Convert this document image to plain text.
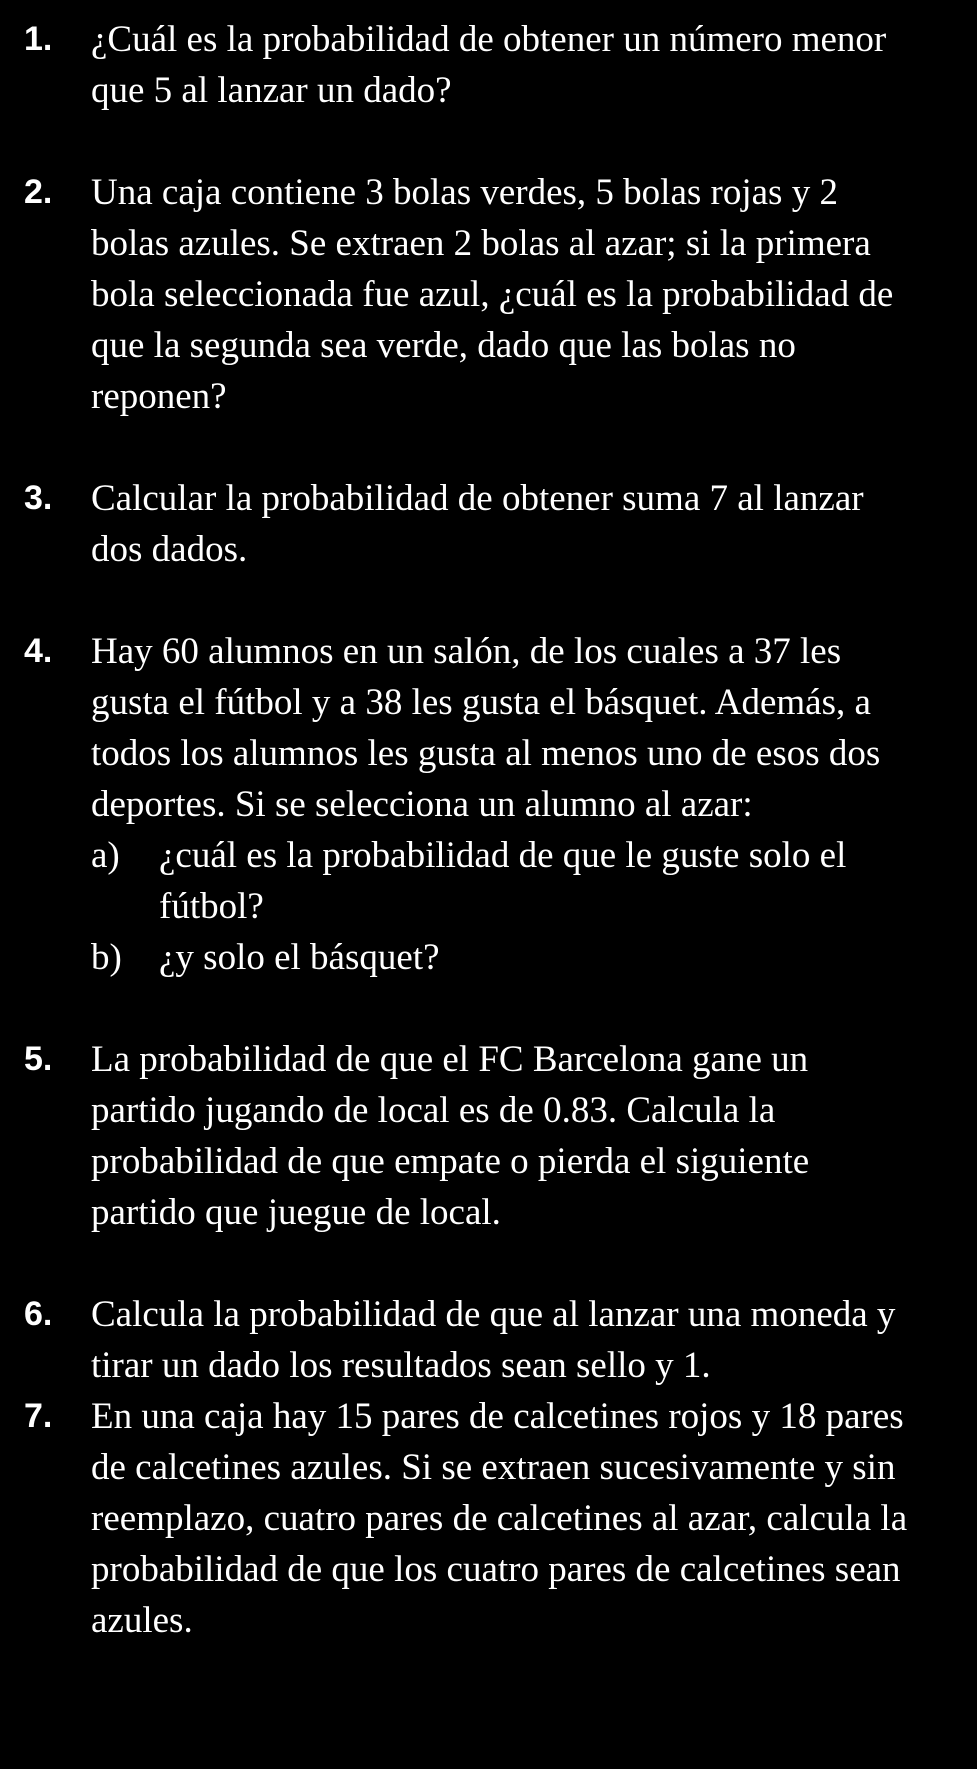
1. ¿Cuál es la probabilidad de obtener un número menor que 5 al lanzar un dado?
2. Una caja contiene 3 bolas verdes, 5 bolas rojas y 2 bolas azules. Se extraen 2 bolas al azar; si la primera bola seleccionada fue azul, ¿cuál es la probabilidad de que la segunda sea verde, dado que las bolas no reponen?
3. Calcular la probabilidad de obtener suma 7 al lanzar dos dados.
4. Hay 60 alumnos en un salón, de los cuales a 37 les gusta el fútbol y a 38 les gusta el básquet. Además, a todos los alumnos les gusta al menos uno de esos dos deportes. Si se selecciona un alumno al azar:
a) ¿cuál es la probabilidad de que le guste solo el fútbol?
b) ¿y solo el básquet?
5. La probabilidad de que el FC Barcelona gane un partido jugando de local es de 0.83. Calcula la probabilidad de que empate o pierda el siguiente partido que juegue de local.
6. Calcula la probabilidad de que al lanzar una moneda y tirar un dado los resultados sean sello y 1.
7. En una caja hay 15 pares de calcetines rojos y 18 pares de calcetines azules. Si se extraen sucesivamente y sin reemplazo, cuatro pares de calcetines al azar, calcula la probabilidad de que los cuatro pares de calcetines sean azules.
